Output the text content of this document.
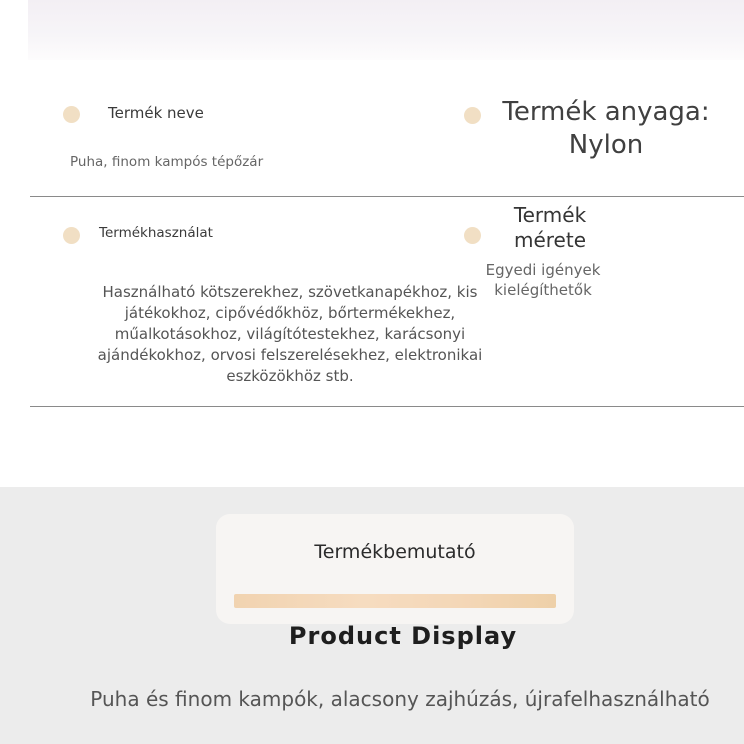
Termék neve
Puha, finom kampós tépőzár
Termék anyaga: Nylon
Termékhasználat
Használható kötszerekhez, szövetkanapékhoz, kis játékokhoz, cipővédőkhöz, bőrtermékekhez, műalkotásokhoz, világítótestekhez, karácsonyi ajándékokhoz, orvosi felszerelésekhez, elektronikai eszközökhöz stb.
Termék mérete
Egyedi igények kielégíthetők
Termékbemutató
Product Display
Puha és finom kampók, alacsony zajhúzás, újrafelhasználható
